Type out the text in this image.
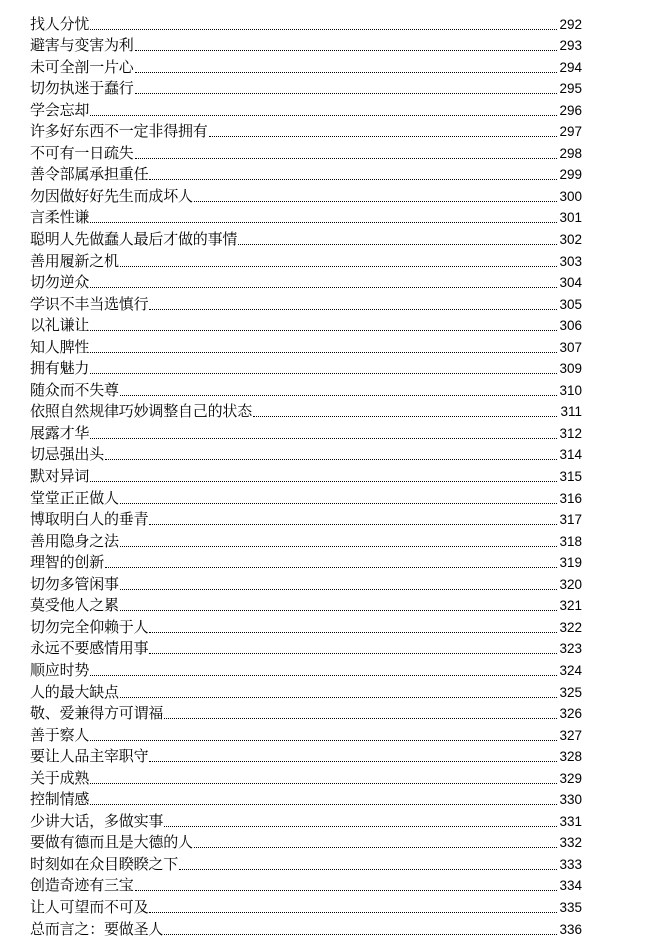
找人分忧	292
避害与变害为利	293
未可全剖一片心	294
切勿执迷于蠢行	295
学会忘却	296
许多好东西不一定非得拥有	297
不可有一日疏失	298
善令部属承担重任	299
勿因做好好先生而成坏人	300
言柔性谦	301
聪明人先做蠢人最后才做的事情	302
善用履新之机	303
切勿逆众	304
学识不丰当选慎行	305
以礼谦让	306
知人脾性	307
拥有魅力	309
随众而不失尊	310
依照自然规律巧妙调整自己的状态	311
展露才华	312
切忌强出头	314
默对异词	315
堂堂正正做人	316
博取明白人的垂青	317
善用隐身之法	318
理智的创新	319
切勿多管闲事	320
莫受他人之累	321
切勿完全仰赖于人	322
永远不要感情用事	323
顺应时势	324
人的最大缺点	325
敬、爱兼得方可谓福	326
善于察人	327
要让人品主宰职守	328
关于成熟	329
控制情感	330
少讲大话，多做实事	331
要做有德而且是大德的人	332
时刻如在众目睽睽之下	333
创造奇迹有三宝	334
让人可望而不可及	335
总而言之：要做圣人	336
